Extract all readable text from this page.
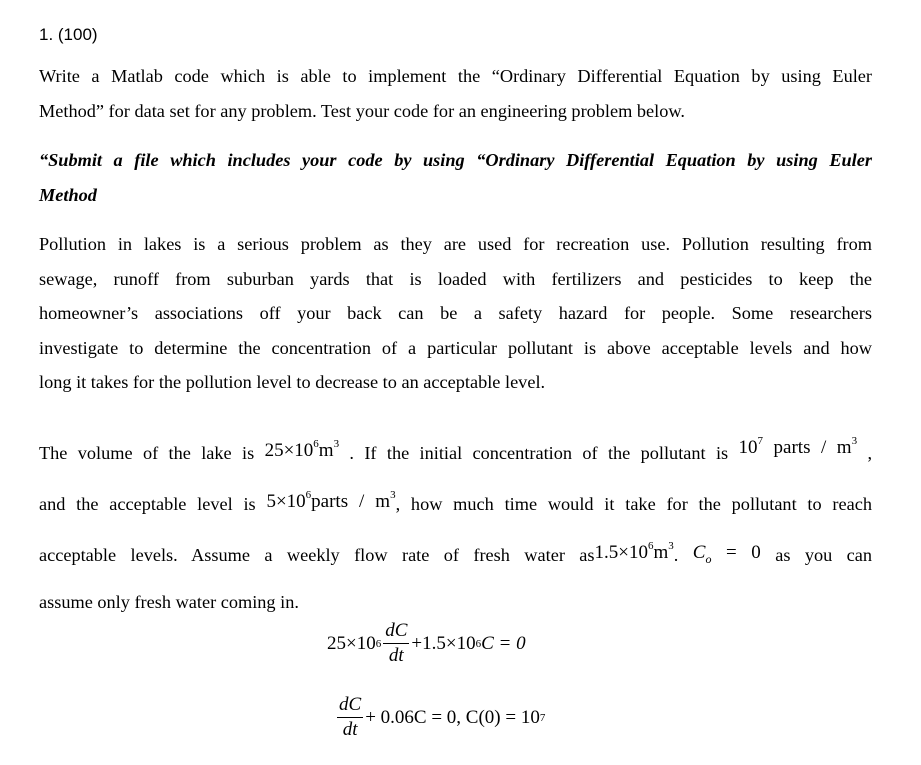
1. (100)
Write a Matlab code which is able to implement the “Ordinary Differential Equation by using Euler
Method” for data set for any problem. Test your code for an engineering problem below.
“Submit a file which includes your code by using “Ordinary Differential Equation by using Euler
Method
Pollution in lakes is a serious problem as they are used for recreation use. Pollution resulting from
sewage, runoff from suburban yards that is loaded with fertilizers and pesticides to keep the
homeowner’s associations off your back can be a safety hazard for people. Some researchers
investigate to determine the concentration of a particular pollutant is above acceptable levels and how
long it takes for the pollution level to decrease to an acceptable level.
The volume of the lake is $25\times 10^6m^3$ . If the initial concentration of the pollutant is $10^7$ parts / $m^3$ ,
and the acceptable level is $5\times 10^6parts / m^3$, how much time would it take for the pollutant to reach
acceptable levels. Assume a weekly flow rate of fresh water $as1.5\times 10^6m^3$. $C_o = 0$ as you can
assume only fresh water coming in.
25×10 $6 \frac{dC}{dt} +1.5\times 10$ 6 C = 0
$\frac{dC}{dt} + 0.06C = 0$, C(0) = 10 7
